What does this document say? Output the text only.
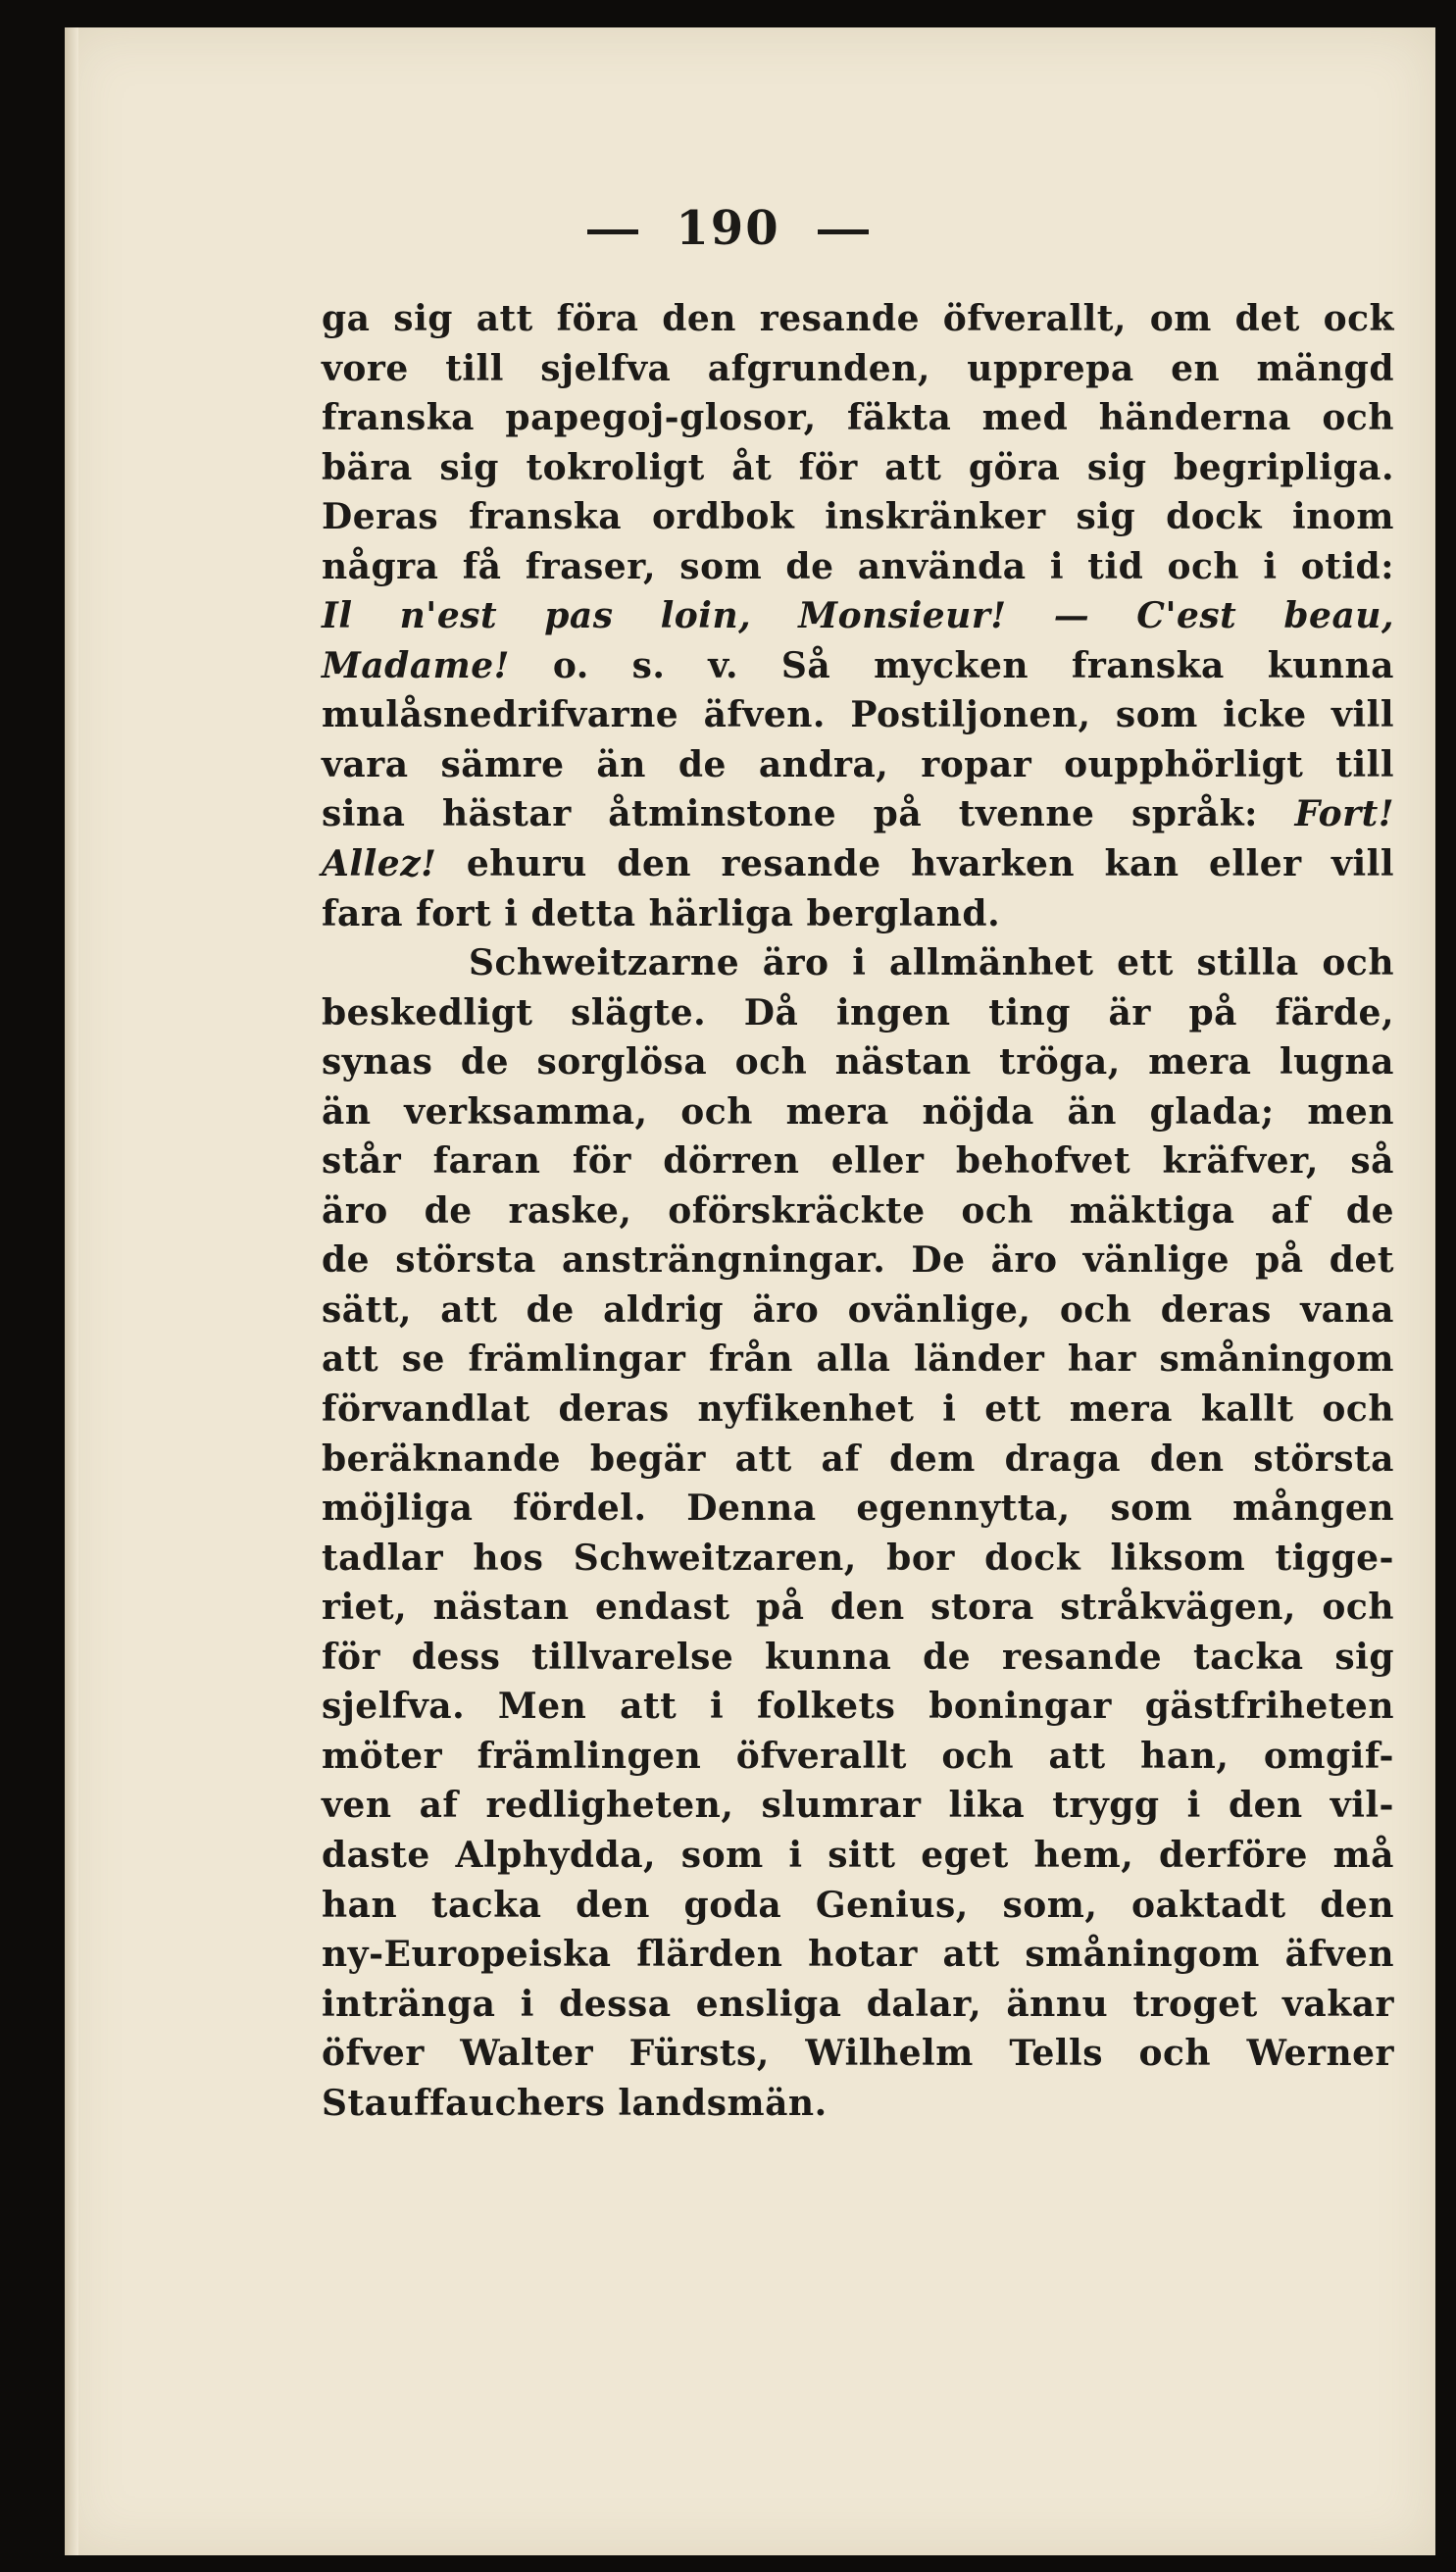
190
ga sig att föra den resande öfverallt, om det ock
vore till sjelfva afgrunden, upprepa en mängd
franska papegoj-glosor, fäkta med händerna och
bära sig tokroligt åt för att göra sig begripliga.
Deras franska ordbok inskränker sig dock inom
några få fraser, som de använda i tid och i otid:
Il n'est pas loin, Monsieur! — C'est beau,
Madame! o. s. v. Så mycken franska kunna
mulåsnedrifvarne äfven. Postiljonen, som icke vill
vara sämre än de andra, ropar oupphörligt till
sina hästar åtminstone på tvenne språk: Fort!
Allez! ehuru den resande hvarken kan eller vill
fara fort i detta härliga bergland.
Schweitzarne äro i allmänhet ett stilla och
beskedligt slägte. Då ingen ting är på färde,
synas de sorglösa och nästan tröga, mera lugna
än verksamma, och mera nöjda än glada; men
står faran för dörren eller behofvet kräfver, så
äro de raske, oförskräckte och mäktiga af de
de största ansträngningar. De äro vänlige på det
sätt, att de aldrig äro ovänlige, och deras vana
att se främlingar från alla länder har småningom
förvandlat deras nyfikenhet i ett mera kallt och
beräknande begär att af dem draga den största
möjliga fördel. Denna egennytta, som mången
tadlar hos Schweitzaren, bor dock liksom tigge-
riet, nästan endast på den stora stråkvägen, och
för dess tillvarelse kunna de resande tacka sig
sjelfva. Men att i folkets boningar gästfriheten
möter främlingen öfverallt och att han, omgif-
ven af redligheten, slumrar lika trygg i den vil-
daste Alphydda, som i sitt eget hem, derföre må
han tacka den goda Genius, som, oaktadt den
ny-Europeiska flärden hotar att småningom äfven
inträngа i dessa ensliga dalar, ännu troget vakar
öfver Walter Fürsts, Wilhelm Tells och Werner
Stauffauchers landsmän.
